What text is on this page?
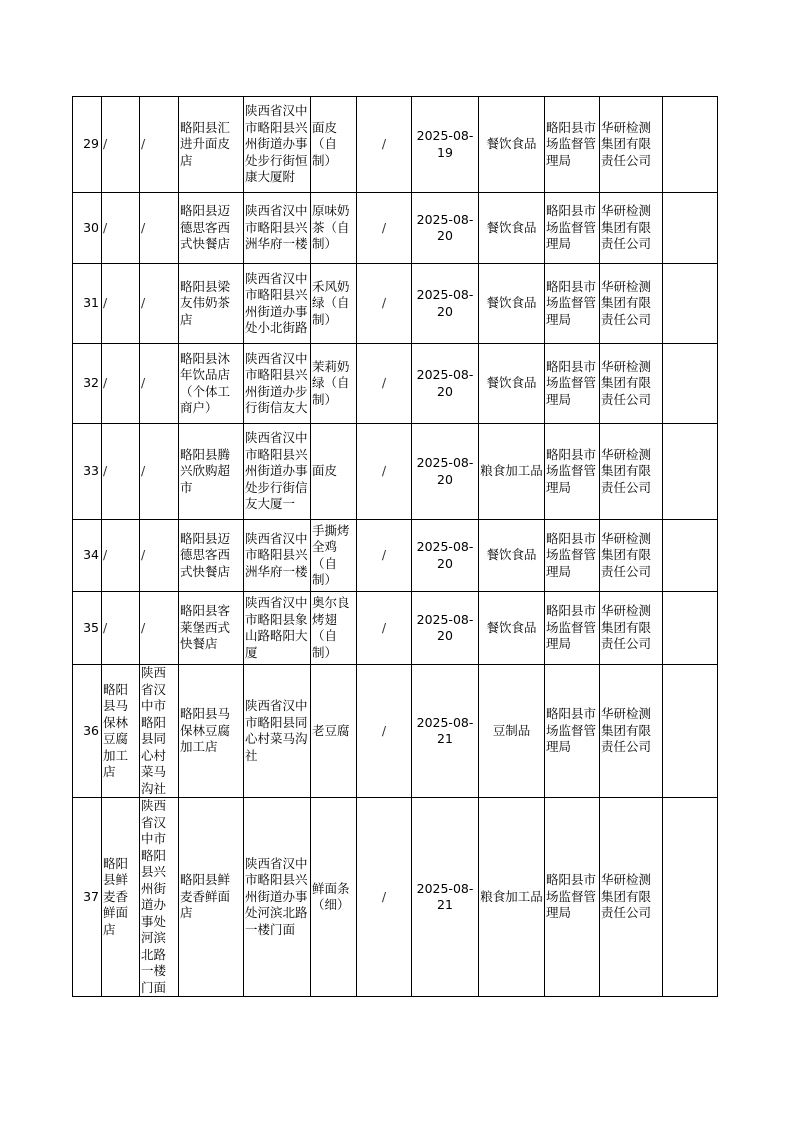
29	/	/	略阳县汇进升面皮店	陕西省汉中市略阳县兴州街道办事处步行街恒康大厦附	面皮（自制）	/	2025-08-19	餐饮食品	略阳县市场监督管理局	华研检测集团有限责任公司	

30	/	/	略阳县迈德思客西式快餐店	陕西省汉中市略阳县兴洲华府一楼	原味奶茶（自制）	/	2025-08-20	餐饮食品	略阳县市场监督管理局	华研检测集团有限责任公司	

31	/	/	略阳县梁友伟奶茶店	陕西省汉中市略阳县兴州街道办事处小北街路	禾风奶绿（自制）	/	2025-08-20	餐饮食品	略阳县市场监督管理局	华研检测集团有限责任公司	

32	/	/	略阳县沐年饮品店（个体工商户）	陕西省汉中市略阳县兴州街道办步行街信友大	茉莉奶绿（自制）	/	2025-08-20	餐饮食品	略阳县市场监督管理局	华研检测集团有限责任公司	

33	/	/	略阳县腾兴欣购超市	陕西省汉中市略阳县兴州街道办事处步行街信友大厦一	面皮	/	2025-08-20	粮食加工品	略阳县市场监督管理局	华研检测集团有限责任公司	

34	/	/	略阳县迈德思客西式快餐店	陕西省汉中市略阳县兴洲华府一楼	手撕烤全鸡（自制）	/	2025-08-20	餐饮食品	略阳县市场监督管理局	华研检测集团有限责任公司	

35	/	/	略阳县客莱堡西式快餐店	陕西省汉中市略阳县象山路略阳大厦	奥尔良烤翅（自制）	/	2025-08-20	餐饮食品	略阳县市场监督管理局	华研检测集团有限责任公司	

36	略阳县马保林豆腐加工店	陕西省汉中市略阳县同心村菜马沟社	略阳县马保林豆腐加工店	陕西省汉中市略阳县同心村菜马沟社	老豆腐	/	2025-08-21	豆制品	略阳县市场监督管理局	华研检测集团有限责任公司	

37	略阳县鲜麦香鲜面店	陕西省汉中市略阳县兴州街道办事处河滨北路一楼门面	略阳县鲜麦香鲜面店	陕西省汉中市略阳县兴州街道办事处河滨北路一楼门面	鲜面条（细）	/	2025-08-21	粮食加工品	略阳县市场监督管理局	华研检测集团有限责任公司	
